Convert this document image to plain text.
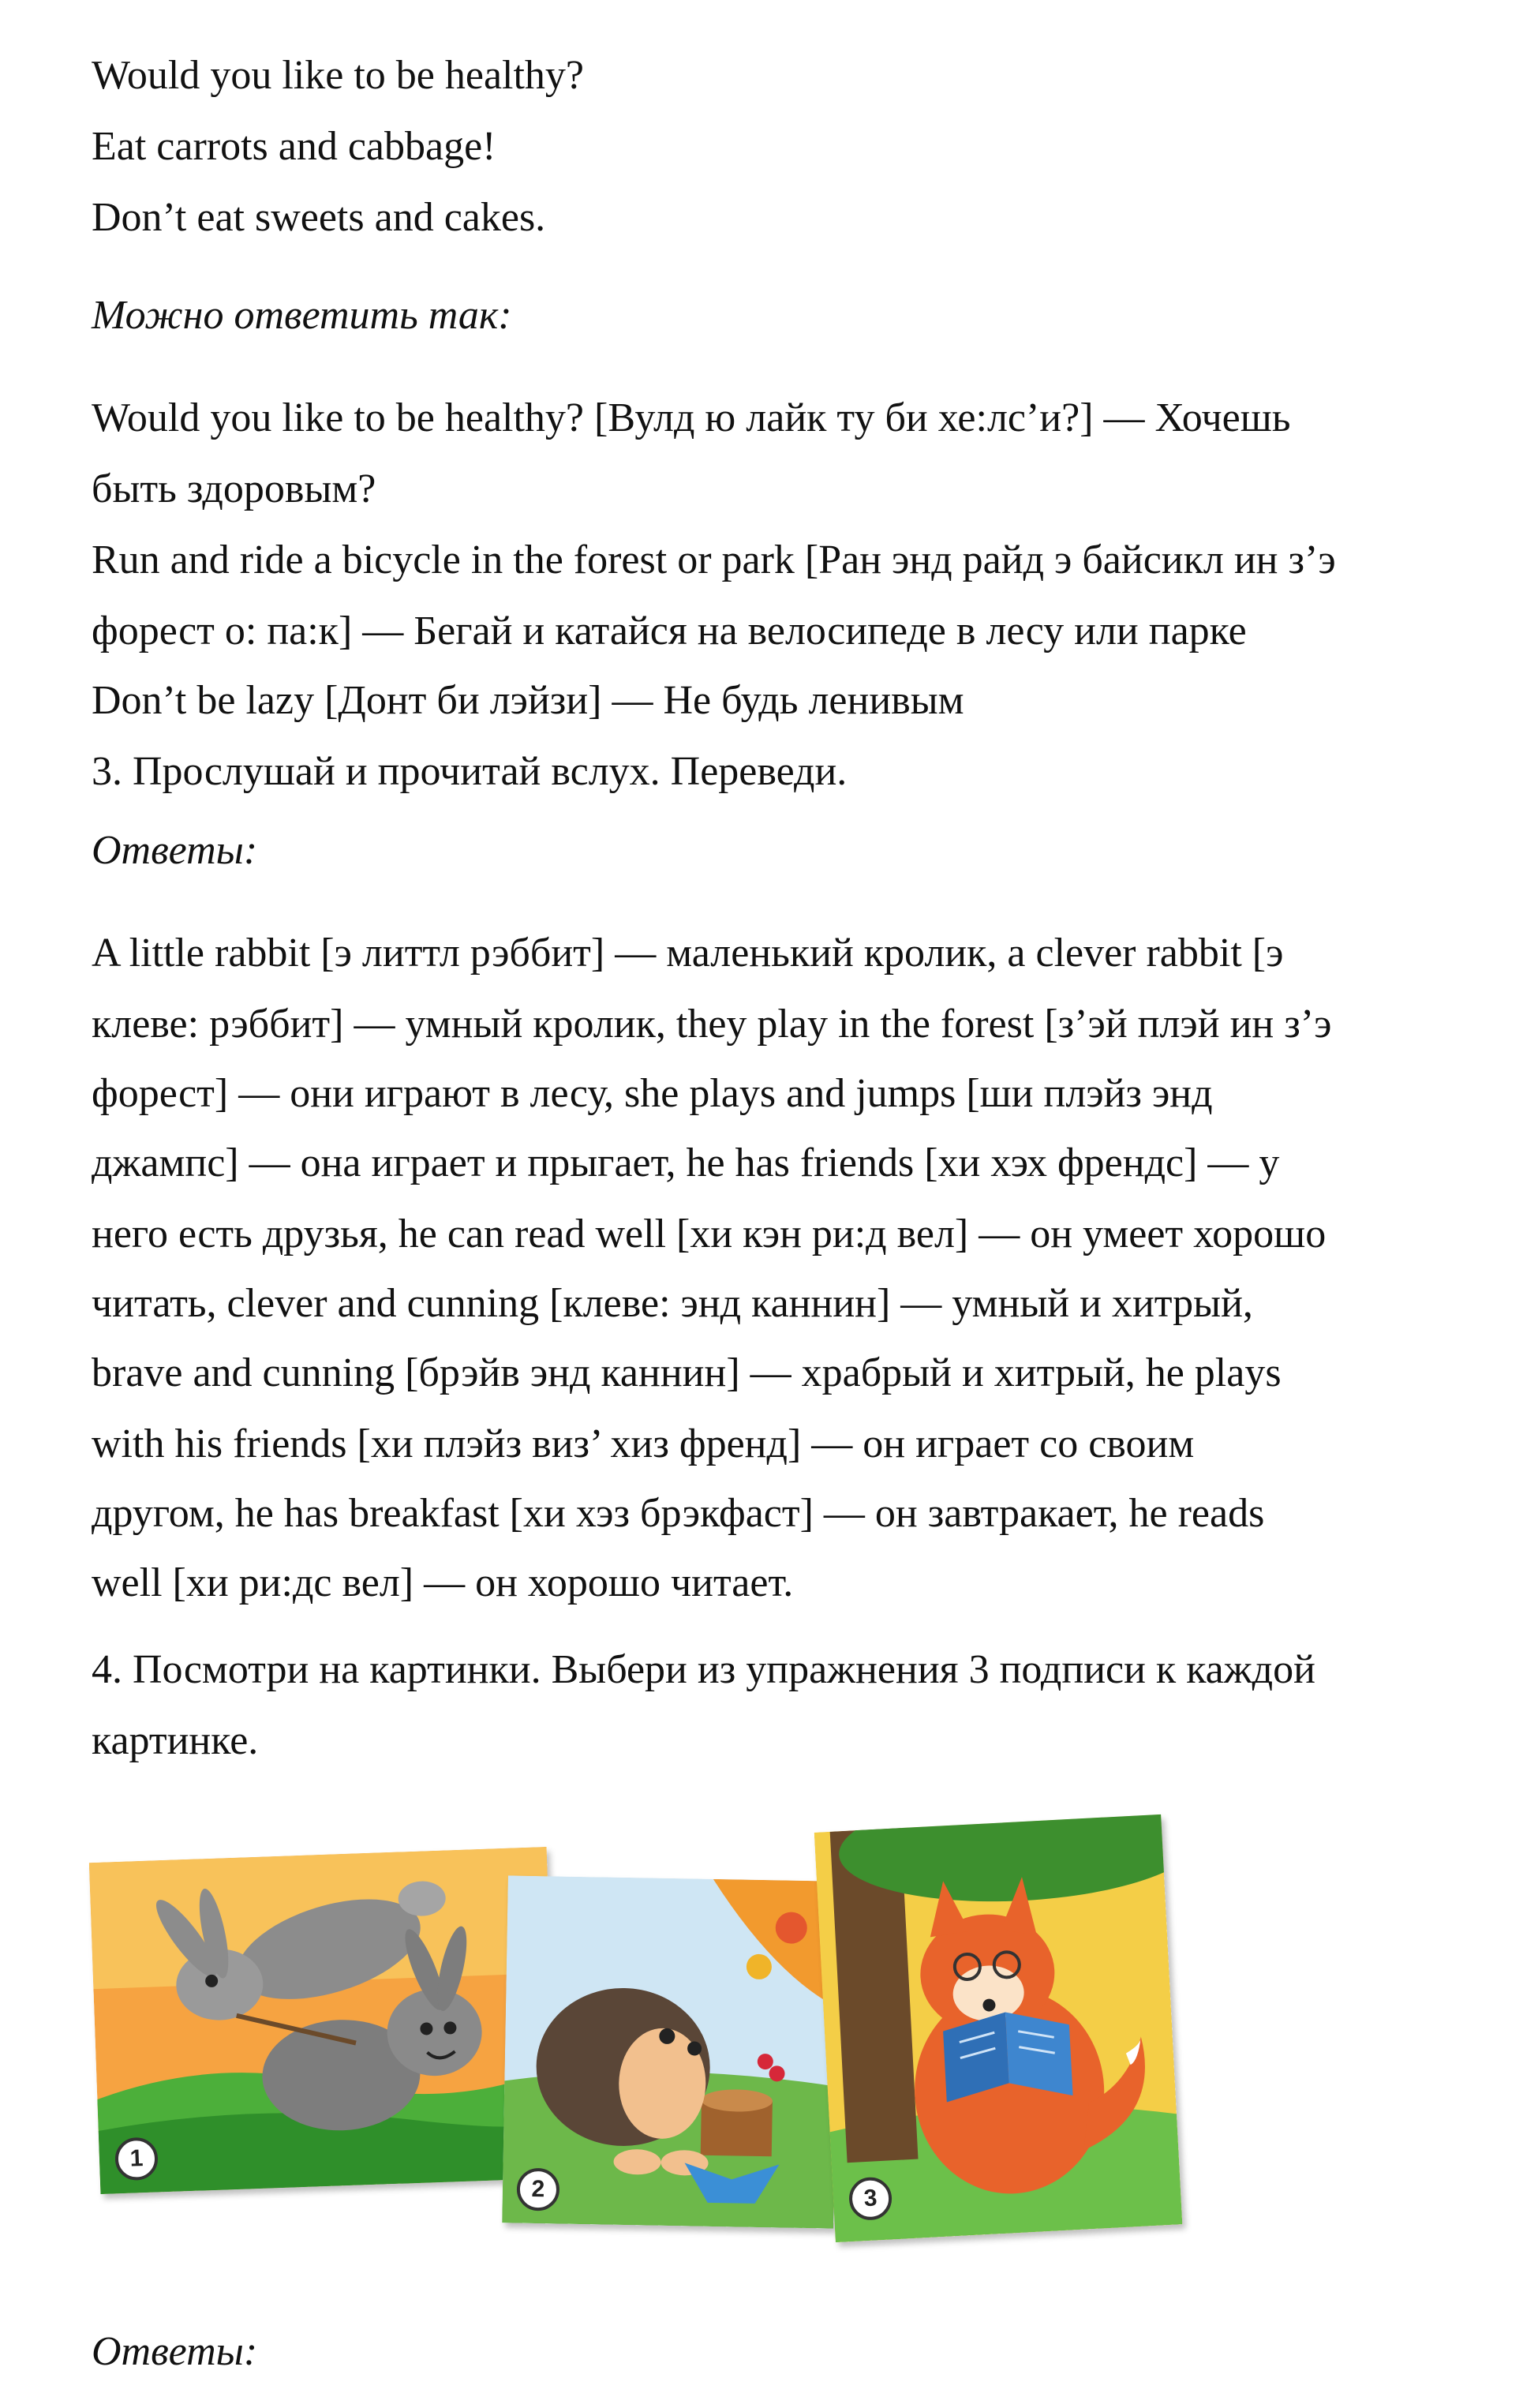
Would you like to be healthy?

Eat carrots and cabbage!

Don’t eat sweets and cakes.

Можно ответить так:

Would you like to be healthy? [Вулд ю лайк ту би хе:лс’и?] — Хочешь

быть здоровым?

Run and ride a bicycle in the forest or park [Ран энд райд э байсикл ин з’э

форест о: па:к] — Бегай и катайся на велосипеде в лесу или парке

Don’t be lazy [Донт би лэйзи] — Не будь ленивым

3. Прослушай и прочитай вслух. Переведи.

Ответы:

A little rabbit [э литтл рэббит] — маленький кролик, a clever rabbit [э

клеве: рэббит] — умный кролик, they play in the forest [з’эй плэй ин з’э

форест] — они играют в лесу, she plays and jumps [ши плэйз энд

джампс] — она играет и прыгает, he has friends [хи хэх френдс] — у

него есть друзья, he can read well [хи кэн ри:д вел] — он умеет хорошо

читать, clever and cunning [клеве: энд каннин] — умный и хитрый,

brave and cunning [брэйв энд каннин] — храбрый и хитрый, he plays

with his friends [хи плэйз виз’ хиз френд] — он играет со своим

другом, he has breakfast [хи хэз брэкфаст] — он завтракает, he reads

well [хи ри:дс вел] — он хорошо читает.

4. Посмотри на картинки. Выбери из упражнения 3 подписи к каждой

картинке.

1
2	3

Ответы:
